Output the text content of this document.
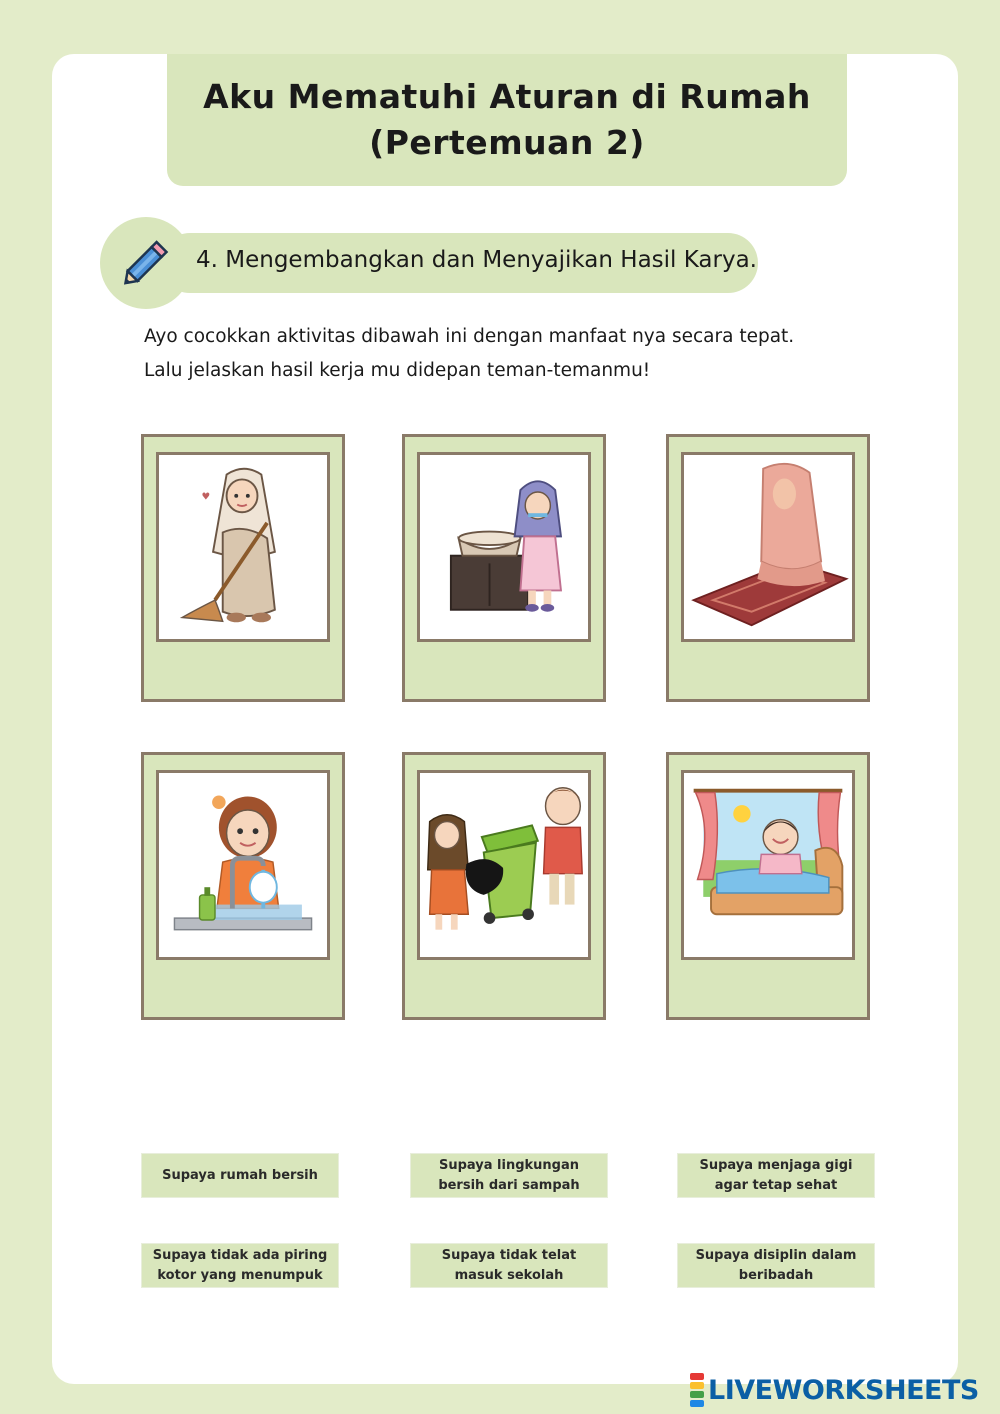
Aku Mematuhi Aturan di Rumah
(Pertemuan 2)
4. Mengembangkan dan Menyajikan Hasil Karya.
Ayo cocokkan aktivitas dibawah ini dengan manfaat nya secara tepat.
Lalu jelaskan hasil kerja mu didepan teman-temanmu!
♥
Supaya rumah bersih
Supaya lingkungan
bersih dari sampah
Supaya menjaga gigi
agar tetap sehat
Supaya tidak ada piring
kotor yang menumpuk
Supaya tidak telat
masuk sekolah
Supaya disiplin dalam
beribadah
LIVEWORKSHEETS
